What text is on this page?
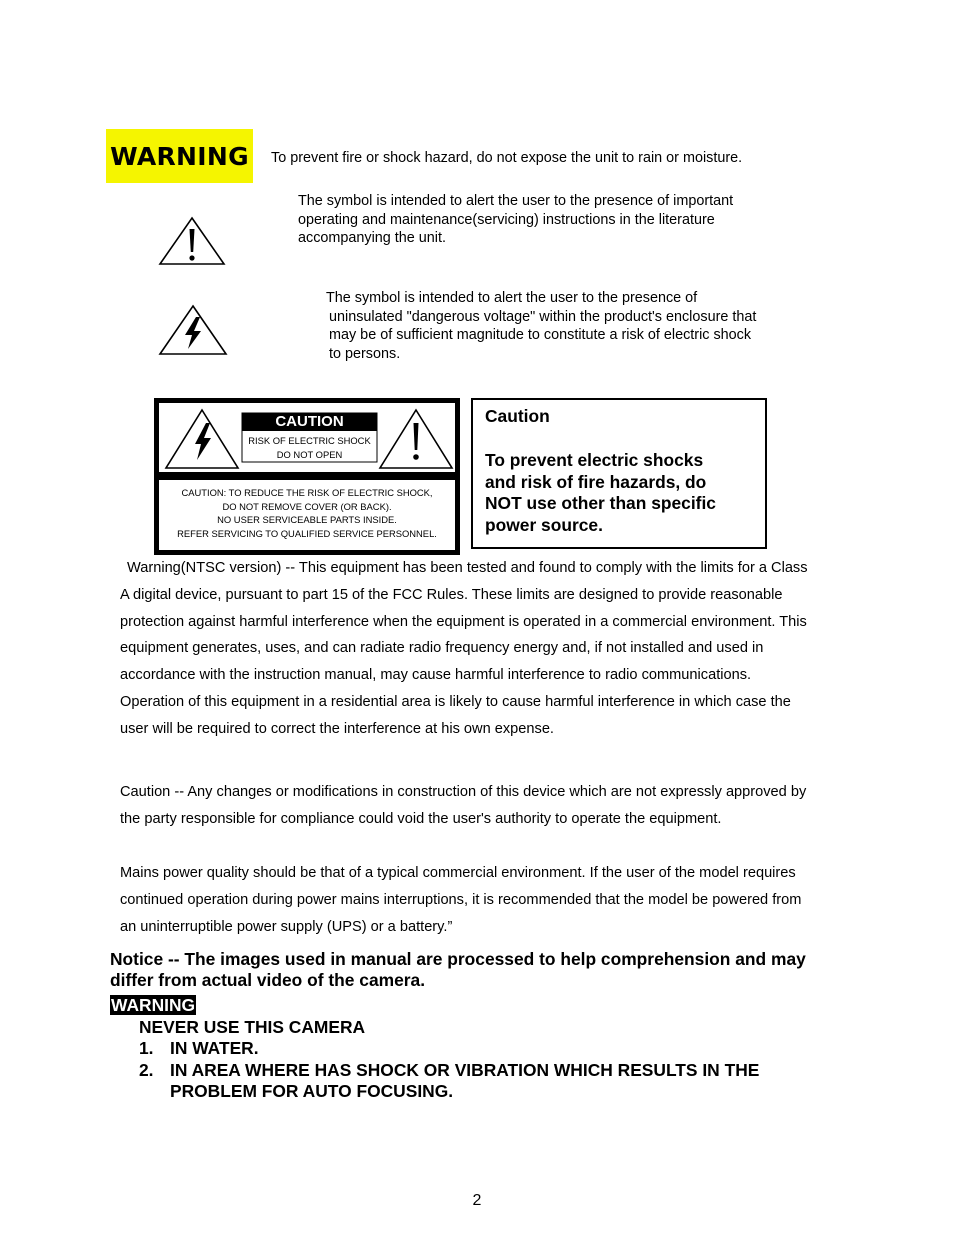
WARNING To prevent fire or shock hazard, do not expose the unit to rain or moisture.
The symbol is intended to alert the user to the presence of important
operating and maintenance(servicing) instructions in the literature
accompanying the unit.
The symbol is intended to alert the user to the presence of
uninsulated "dangerous voltage" within the product's enclosure that
may be of sufficient magnitude to constitute a risk of electric shock
to persons.
CAUTION
RISK OF ELECTRIC SHOCK
DO NOT OPEN
CAUTION: TO REDUCE THE RISK OF ELECTRIC SHOCK,
DO NOT REMOVE COVER (OR BACK).
NO USER SERVICEABLE PARTS INSIDE.
REFER SERVICING TO QUALIFIED SERVICE PERSONNEL.
Caution
To prevent electric shocks
and risk of fire hazards, do
NOT use other than specific
power source.
Warning(NTSC version) -- This equipment has been tested and found to comply with the limits for a Class
A digital device, pursuant to part 15 of the FCC Rules. These limits are designed to provide reasonable
protection against harmful interference when the equipment is operated in a commercial environment. This
equipment generates, uses, and can radiate radio frequency energy and, if not installed and used in
accordance with the instruction manual, may cause harmful interference to radio communications.
Operation of this equipment in a residential area is likely to cause harmful interference in which case the
user will be required to correct the interference at his own expense.
Caution -- Any changes or modifications in construction of this device which are not expressly approved by
the party responsible for compliance could void the user's authority to operate the equipment.
Mains power quality should be that of a typical commercial environment. If the user of the model requires
continued operation during power mains interruptions, it is recommended that the model be powered from
an uninterruptible power supply (UPS) or a battery.”
Notice -- The images used in manual are processed to help comprehension and may
differ from actual video of the camera.
WARNING
NEVER USE THIS CAMERA
1. IN WATER.
2. IN AREA WHERE HAS SHOCK OR VIBRATION WHICH RESULTS IN THE
PROBLEM FOR AUTO FOCUSING.
2
